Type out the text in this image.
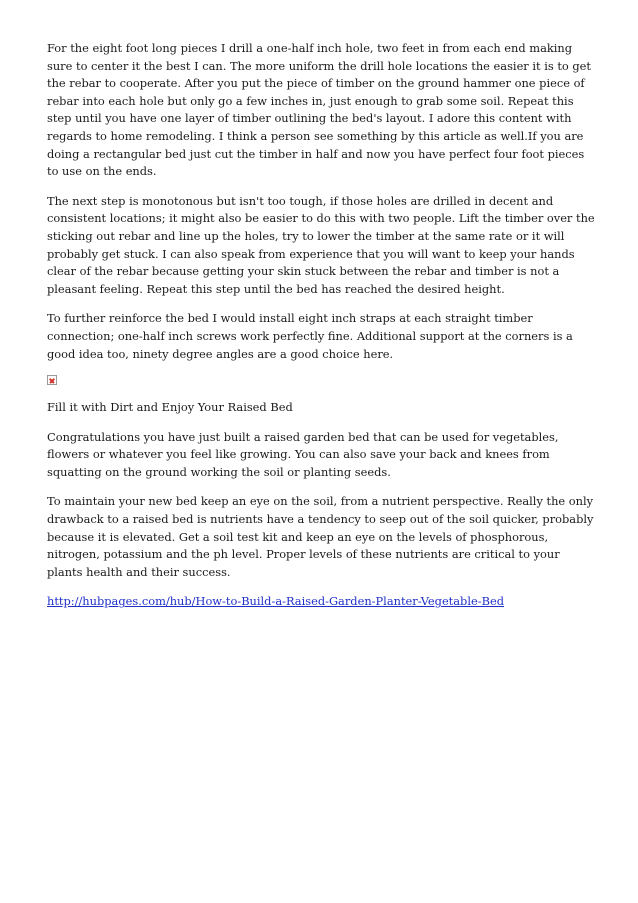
For the eight foot long pieces I drill a one-half inch hole, two feet in from each end making sure to center it the best I can. The more uniform the drill hole locations the easier it is to get the rebar to cooperate. After you put the piece of timber on the ground hammer one piece of rebar into each hole but only go a few inches in, just enough to grab some soil. Repeat this step until you have one layer of timber outlining the bed's layout. I adore this content with regards to home remodeling. I think a person see something by this article as well.If you are doing a rectangular bed just cut the timber in half and now you have perfect four foot pieces to use on the ends.

The next step is monotonous but isn't too tough, if those holes are drilled in decent and consistent locations; it might also be easier to do this with two people. Lift the timber over the sticking out rebar and line up the holes, try to lower the timber at the same rate or it will probably get stuck. I can also speak from experience that you will want to keep your hands clear of the rebar because getting your skin stuck between the rebar and timber is not a pleasant feeling. Repeat this step until the bed has reached the desired height.

To further reinforce the bed I would install eight inch straps at each straight timber connection; one-half inch screws work perfectly fine. Additional support at the corners is a good idea too, ninety degree angles are a good choice here.

Fill it with Dirt and Enjoy Your Raised Bed

Congratulations you have just built a raised garden bed that can be used for vegetables, flowers or whatever you feel like growing. You can also save your back and knees from squatting on the ground working the soil or planting seeds.

To maintain your new bed keep an eye on the soil, from a nutrient perspective. Really the only drawback to a raised bed is nutrients have a tendency to seep out of the soil quicker, probably because it is elevated. Get a soil test kit and keep an eye on the levels of phosphorous, nitrogen, potassium and the ph level. Proper levels of these nutrients are critical to your plants health and their success.

http://hubpages.com/hub/How-to-Build-a-Raised-Garden-Planter-Vegetable-Bed
